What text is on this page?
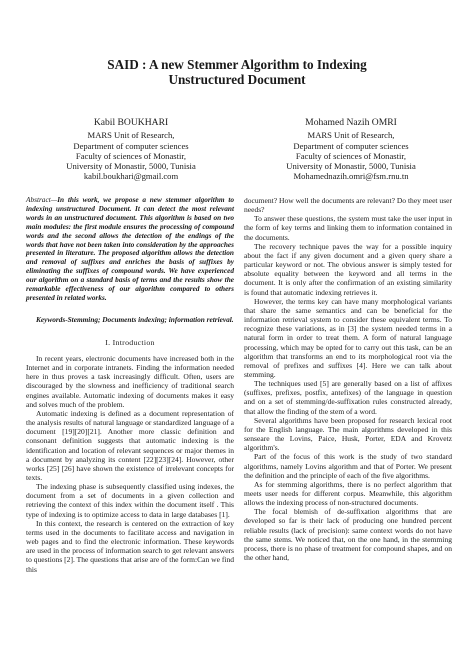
SAID : A new Stemmer Algorithm to Indexing
Unstructured Document
Kabil BOUKHARI
MARS Unit of Research,
Department of computer sciences
Faculty of sciences of Monastir,
University of Monastir, 5000, Tunisia
kabil.boukhari@gmail.com
Mohamed Nazih OMRI
MARS Unit of Research,
Department of computer sciences
Faculty of sciences of Monastir,
University of Monastir, 5000, Tunisia
Mohamednazih.omri@fsm.rnu.tn

Abstract—In this work, we propose a new stemmer algorithm to indexing unstructured Document. It can detect the most relevant words in an unstructured document. This algorithm is based on two main modules: the first module ensures the processing of compound words and the second allows the detection of the endings of the words that have not been taken into consideration by the approaches presented in literature. The proposed algorithm allows the detection and removal of suffixes and enriches the basis of suffixes by eliminating the suffixes of compound words. We have experienced our algorithm on a standard basis of terms and the results show the remarkable effectiveness of our algorithm compared to others presented in related works.

Keywords-Stemming; Documents indexing; information retrieval.

I. Introduction

In recent years, electronic documents have increased both in the Internet and in corporate intranets. Finding the information needed here in thus proves a task increasingly difficult. Often, users are discouraged by the slowness and inefficiency of traditional search engines available. Automatic indexing of documents makes it easy and solves much of the problem.

Automatic indexing is defined as a document representation of the analysis results of natural language or standardized language of a document [19][20][21]. Another more classic definition and consonant definition suggests that automatic indexing is the identification and location of relevant sequences or major themes in a document by analyzing its content [22][23][24]. However, other works [25] [26] have shown the existence of irrelevant concepts for texts.

The indexing phase is subsequently classified using indexes, the document from a set of documents in a given collection and retrieving the context of this index within the document itself . This type of indexing is to optimize access to data in large databases [1].

In this context, the research is centered on the extraction of key terms used in the documents to facilitate access and navigation in web pages and to find the electronic information. These keywords are used in the process of information search to get relevant answers to questions [2]. The questions that arise are of the form:Can we find this

document? How well the documents are relevant? Do they meet user needs?

To answer these questions, the system must take the user input in the form of key terms and linking them to information contained in the documents.

The recovery technique paves the way for a possible inquiry about the fact if any given document and a given query share a particular keyword or not. The obvious answer is simply tested for absolute equality between the keyword and all terms in the document. It is only after the confirmation of an existing similarity is found that automatic indexing retrieves it.

However, the terms key can have many morphological variants that share the same semantics and can be beneficial for the information retrieval system to consider these equivalent terms. To recognize these variations, as in [3] the system needed terms in a natural form in order to treat them. A form of natural language processing, which may be opted for to carry out this task, can be an algorithm that transforms an end to its morphological root via the removal of prefixes and suffixes [4]. Here we can talk about stemming.

The techniques used [5] are generally based on a list of affixes (suffixes, prefixes, postfix, antefixes) of the language in question and on a set of stemming/de-suffixation rules constructed already, that allow the finding of the stem of a word.

Several algorithms have been proposed for research lexical root for the English language. The main algorithms developed in this senseare the Lovins, Paice, Husk, Porter, EDA and Krovetz algorithm's.

Part of the focus of this work is the study of two standard algorithms, namely Lovins algorithm and that of Porter. We present the definition and the principle of each of the five algorithms.

As for stemming algorithms, there is no perfect algorithm that meets user needs for different corpus. Meanwhile, this algorithm allows the indexing process of non-structured documents.

The focal blemish of de-suffixation algorithms that are developed so far is their lack of producing one hundred percent reliable results (lack of precision): same context words do not have the same stems. We noticed that, on the one hand, in the stemming process, there is no phase of treatment for compound shapes, and on the other hand,
